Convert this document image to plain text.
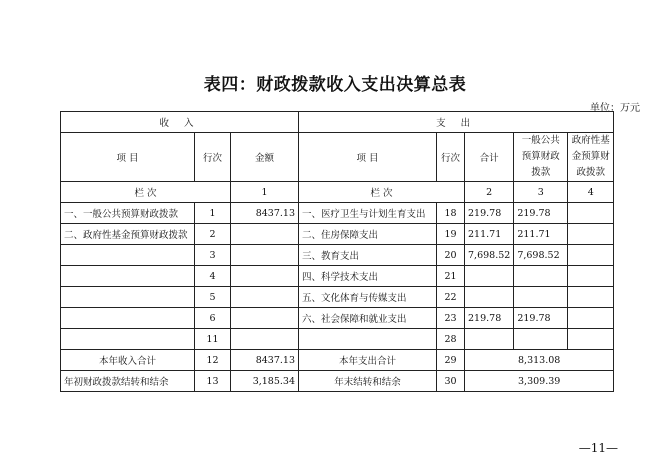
表四：财政拨款收入支出决算总表
单位：万元
收 入			支 出				
项 目	行次	金额	项 目	行次	合计	一般公共预算财政拨款	政府性基金预算财政拨款
栏 次		1	栏 次		2	3	4
一、一般公共预算财政拨款	1	8437.13	一、医疗卫生与计划生育支出	18	219.78	219.78	
二、政府性基金预算财政拨款	2		二、住房保障支出	19	211.71	211.71	
	3		三、教育支出	20	7,698.52	7,698.52	
	4		四、科学技术支出	21			
	5		五、文化体育与传媒支出	22			
	6		六、社会保障和就业支出	23	219.78	219.78	
	11			28			
本年收入合计	12	8437.13	本年支出合计	29	8,313.08		
年初财政拨款结转和结余	13	3,185.34	年末结转和结余	30	3,309.39		
—11—
